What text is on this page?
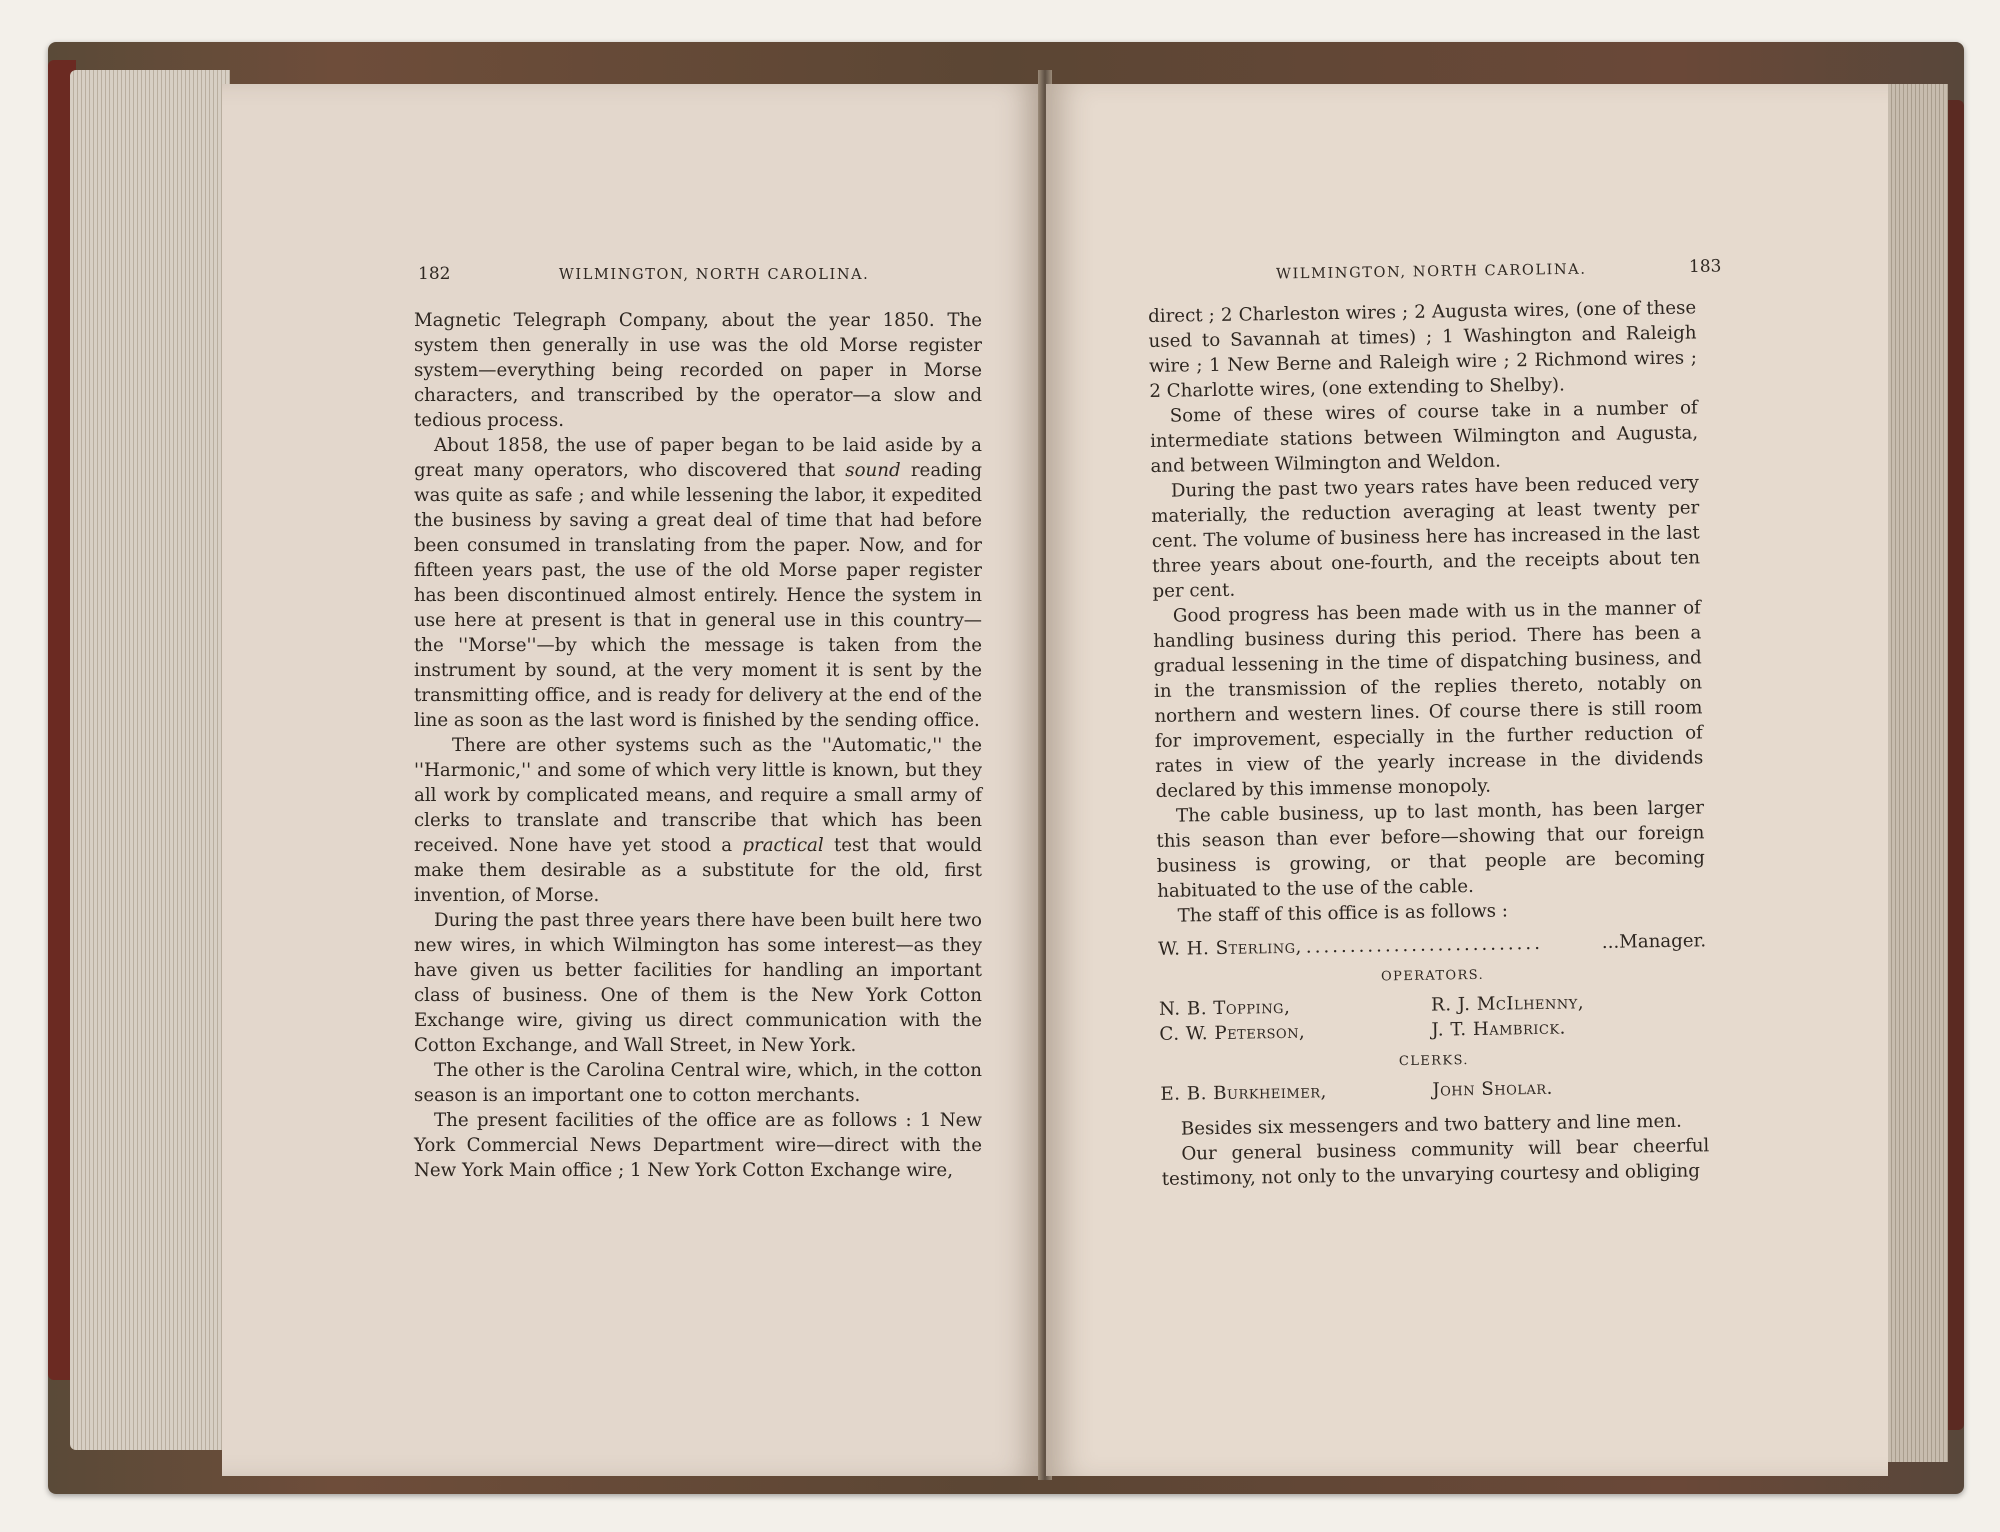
182	WILMINGTON, NORTH CAROLINA.

Magnetic Telegraph Company, about the year 1850. The system then generally in use was the old Morse register system—everything being recorded on paper in Morse characters, and transcribed by the operator—a slow and tedious process.

About 1858, the use of paper began to be laid aside by a great many operators, who discovered that sound reading was quite as safe ; and while lessening the labor, it expedited the business by saving a great deal of time that had before been consumed in translating from the paper. Now, and for fifteen years past, the use of the old Morse paper register has been discontinued almost entirely. Hence the system in use here at present is that in general use in this country—the ''Morse''—by which the message is taken from the instrument by sound, at the very moment it is sent by the transmitting office, and is ready for delivery at the end of the line as soon as the last word is finished by the sending office.

There are other systems such as the ''Automatic,'' the ''Harmonic,'' and some of which very little is known, but they all work by complicated means, and require a small army of clerks to translate and transcribe that which has been received. None have yet stood a practical test that would make them desirable as a substitute for the old, first invention, of Morse.

During the past three years there have been built here two new wires, in which Wilmington has some interest—as they have given us better facilities for handling an important class of business. One of them is the New York Cotton Exchange wire, giving us direct communication with the Cotton Exchange, and Wall Street, in New York.

The other is the Carolina Central wire, which, in the cotton season is an important one to cotton merchants.

The present facilities of the office are as follows : 1 New York Commercial News Department wire—direct with the New York Main office ; 1 New York Cotton Exchange wire,

WILMINGTON, NORTH CAROLINA.	183

direct ; 2 Charleston wires ; 2 Augusta wires, (one of these used to Savannah at times) ; 1 Washington and Raleigh wire ; 1 New Berne and Raleigh wire ; 2 Richmond wires ; 2 Charlotte wires, (one extending to Shelby).

Some of these wires of course take in a number of intermediate stations between Wilmington and Augusta, and between Wilmington and Weldon.

During the past two years rates have been reduced very materially, the reduction averaging at least twenty per cent. The volume of business here has increased in the last three years about one-fourth, and the receipts about ten per cent.

Good progress has been made with us in the manner of handling business during this period. There has been a gradual lessening in the time of dispatching business, and in the transmission of the replies thereto, notably on northern and western lines. Of course there is still room for improvement, especially in the further reduction of rates in view of the yearly increase in the dividends declared by this immense monopoly.

The cable business, up to last month, has been larger this season than ever before—showing that our foreign business is growing, or that people are becoming habituated to the use of the cable.

The staff of this office is as follows :

W. H. Sterling, ...........................	...Manager.
OPERATORS.
N. B. Topping,	R. J. McIlhenny,
C. W. Peterson,	J. T. Hambrick.
CLERKS.
E. B. Burkheimer,	John Sholar.

Besides six messengers and two battery and line men.

Our general business community will bear cheerful testimony, not only to the unvarying courtesy and obliging
